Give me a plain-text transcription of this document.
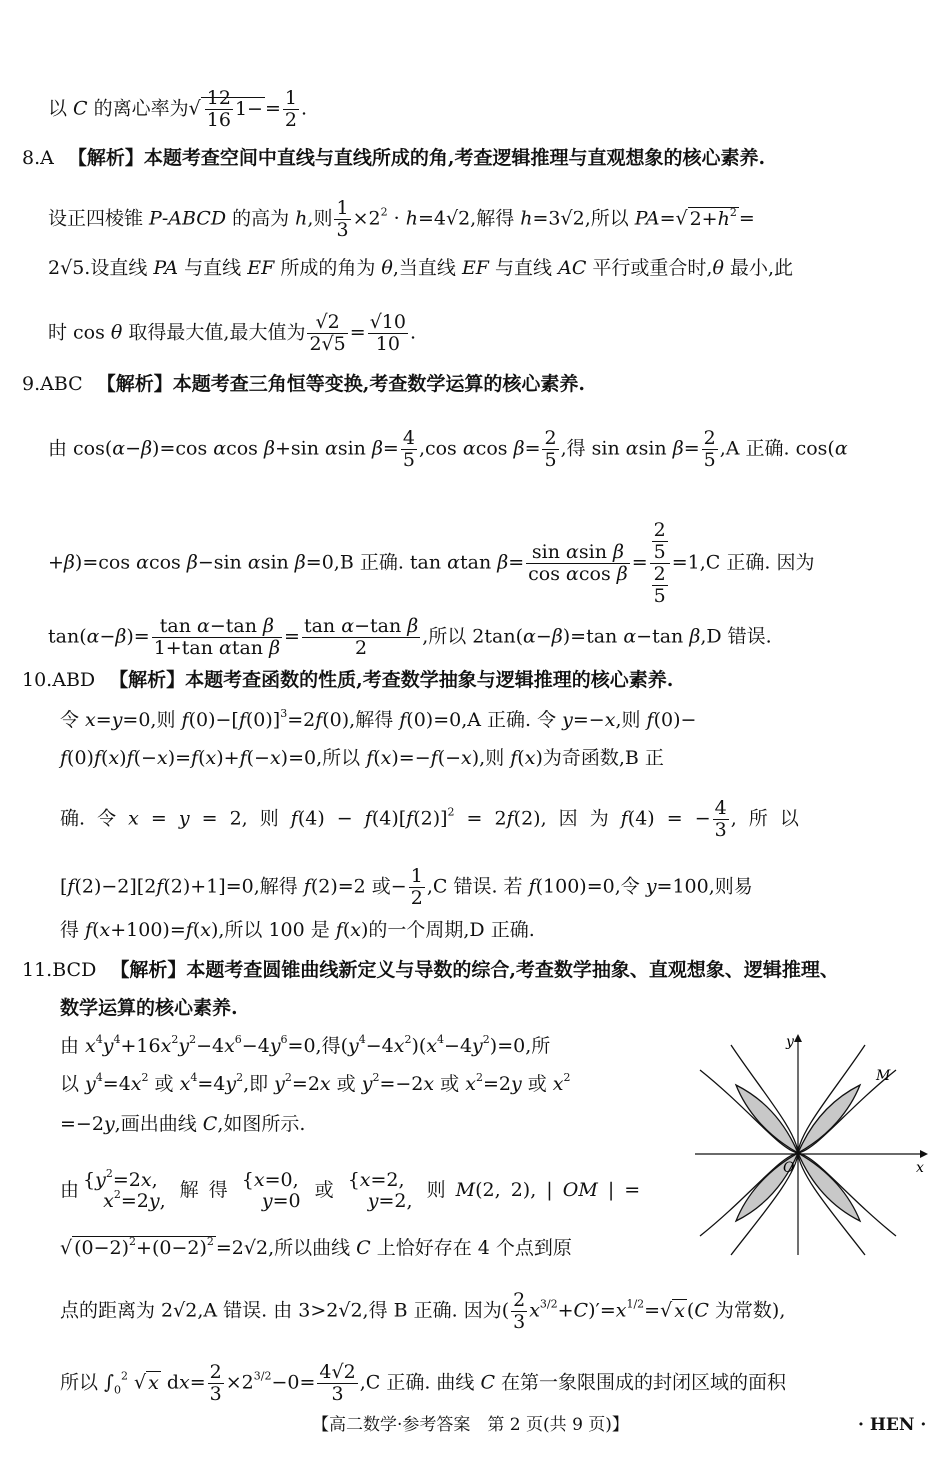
以 C 的离心率为√ $\frac{12}{16} 1- = \frac{1}{2}$ .
8.A 【解析】本题考查空间中直线与直线所成的角,考查逻辑推理与直观想象的核心素养.
设正四棱锥 P-ABCD 的高为 h,则 $\frac{1}{3} \times 2^2 \cdot h=4√2$,解得 h=3√2,所以 PA=√ $2+h^2$ =
2√5.设直线 PA 与直线 EF 所成的角为 θ,当直线 EF 与直线 AC 平行或重合时,θ 最小,此
时 cos θ 取得最大值,最大值为 $\frac{√2}{2√5} = \frac{√10}{10}$ .
9.ABC 【解析】本题考查三角恒等变换,考查数学运算的核心素养.
由 cos(α−β)=cos αcos β+sin αsin $\beta= \frac{4}{5} ,\cos$ αcos $\beta= \frac{2}{5}$ ,得 sin αsin $\beta= \frac{2}{5} ,A$ 正确. cos(α
+β)=cos αcos β−sin αsin β=0,B 正确. tan αtan $\beta= \frac{\text{sin αsin β}}{\text{cos αcos β}} = \frac{\frac{2}{5}}{\frac{2}{5}} =1,C$ 正确. 因为
$\tan(\alpha-\beta)= \frac{\text{tan α−tan β}}{\text{1+tan αtan β}} = \frac{\text{tan α−tan β}}{2}$ ,所以 2tan(α−β)=tan α−tan β,D 错误.
10.ABD 【解析】本题考查函数的性质,考查数学抽象与逻辑推理的核心素养.
令 x=y=0,则 $f(0)-[f(0)]^3=2f(0)$,解得 f(0)=0,A 正确. 令 y=−x,则 f(0)−
f(0)f(x)f(−x)=f(x)+f(−x)=0,所以 f(x)=−f(−x),则 f(x)为奇函数,B 正
确. 令 x = y = 2, 则 $f(4) - f(4)[f(2)]^2 = 2f(2)$, 因 为 f(4) = − $\frac{4}{3}$ , 所 以
[f(2)−2][2f(2)+1]=0,解得 f(2)=2 或− $\frac{1}{2} ,C$ 错误. 若 f(100)=0,令 y=100,则易
得 f(x+100)=f(x),所以 100 是 f(x)的一个周期,D 正确.
11.BCD 【解析】本题考查圆锥曲线新定义与导数的综合,考查数学抽象、直观想象、逻辑推理、
数学运算的核心素养.
由 $x^4y^4+16x^2y^2-4x^6-4y^6=0$,得$(y^4-4x^2)(x^4-4y^2)=0$,所
以 $y^4=4x^2$ 或 $x^4=4y^2$,即 $y^2=2x$ 或 $y^2=-2x$ 或 $x^2=2y$ 或 $x^2$
=−2y,画出曲线 C,如图所示.
由 {$y^2=2x$,
$x^2=2y$, 解 得 {x=0,
y=0 或 {x=2,
y=2, 则 M(2, 2), | OM | =
√ $(0-2)^2+(0-2)^2 =2√2$,所以曲线 C 上恰好存在 4 个点到原
点的距离为 2√2,A 错误. 由 3>2√2,得 B 正确. 因为( $\frac{2}{3} x^{3/2}+C)'=x^{1/2}=√$ x (C 为常数),
所以 $\int_0^2$ √ x $dx= \frac{2}{3} \times 2^{3/2}-0= \frac{4√2}{3} ,C$ 正确. 曲线 C 在第一象限围成的封闭区域的面积
y
x
O
M
【高二数学·参考答案　第 2 页(共 9 页)】	· HEN ·
